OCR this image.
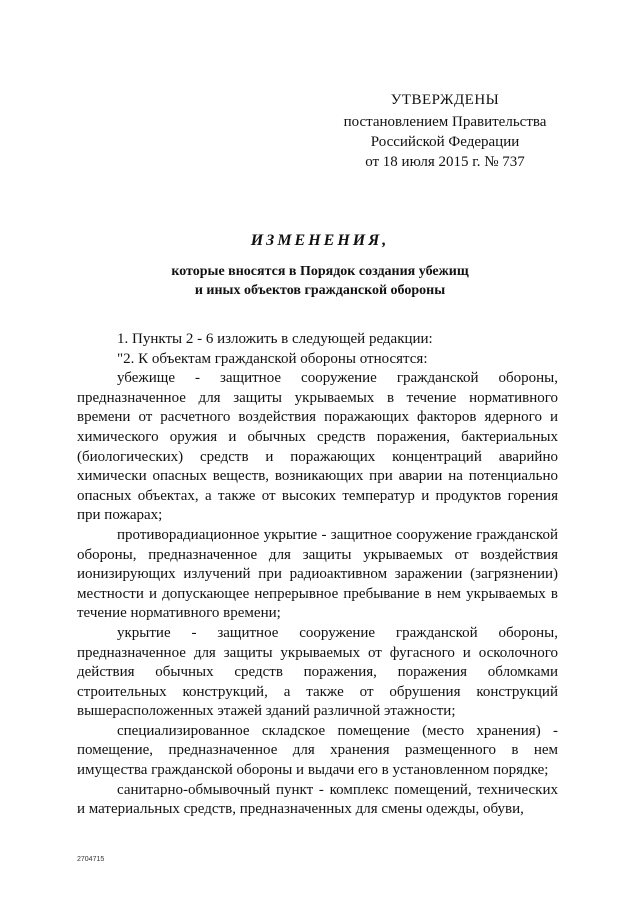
УТВЕРЖДЕНЫ
постановлением Правительства
Российской Федерации
от 18 июля 2015 г. № 737
ИЗМЕНЕНИЯ,
которые вносятся в Порядок создания убежищ
и иных объектов гражданской обороны

1. Пункты 2 - 6 изложить в следующей редакции:

"2. К объектам гражданской обороны относятся:

убежище - защитное сооружение гражданской обороны, предназначенное для защиты укрываемых в течение нормативного времени от расчетного воздействия поражающих факторов ядерного и химического оружия и обычных средств поражения, бактериальных (биологических) средств и поражающих концентраций аварийно химически опасных веществ, возникающих при аварии на потенциально опасных объектах, а также от высоких температур и продуктов горения при пожарах;

противорадиационное укрытие - защитное сооружение гражданской обороны, предназначенное для защиты укрываемых от воздействия ионизирующих излучений при радиоактивном заражении (загрязнении) местности и допускающее непрерывное пребывание в нем укрываемых в течение нормативного времени;

укрытие - защитное сооружение гражданской обороны, предназначенное для защиты укрываемых от фугасного и осколочного действия обычных средств поражения, поражения обломками строительных конструкций, а также от обрушения конструкций вышерасположенных этажей зданий различной этажности;

специализированное складское помещение (место хранения) - помещение, предназначенное для хранения размещенного в нем имущества гражданской обороны и выдачи его в установленном порядке;

санитарно-обмывочный пункт - комплекс помещений, технических и материальных средств, предназначенных для смены одежды, обуви,

2704715
